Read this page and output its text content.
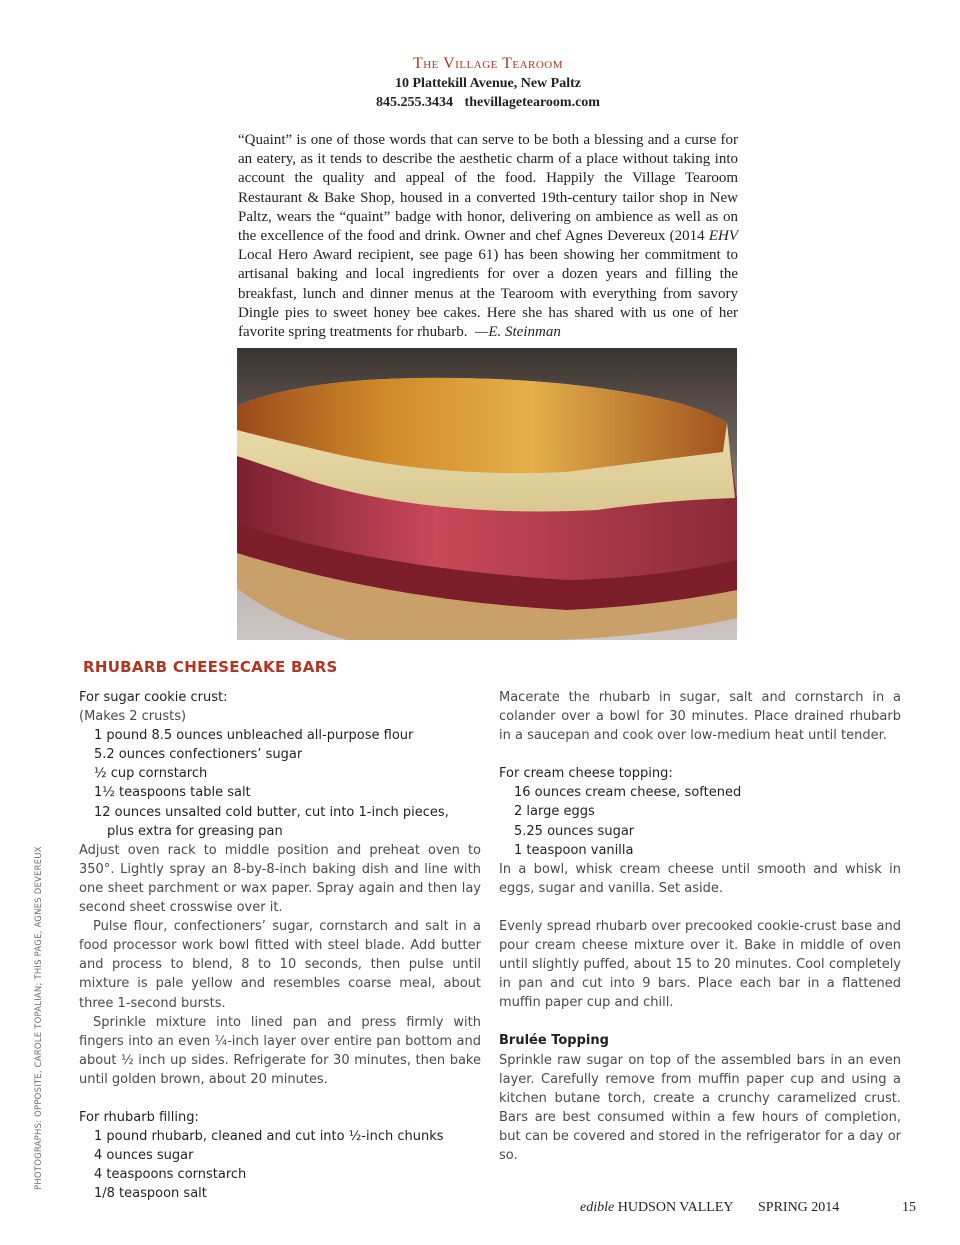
The Village Tearoom
10 Plattekill Avenue, New Paltz
845.255.3434 thevillagetearoom.com
“Quaint” is one of those words that can serve to be both a blessing and a curse for an eatery, as it tends to describe the aesthetic charm of a place without taking into account the quality and appeal of the food. Happily the Village Tearoom Restaurant & Bake Shop, housed in a converted 19th-century tailor shop in New Paltz, wears the “quaint” badge with honor, delivering on ambience as well as on the excellence of the food and drink. Owner and chef Agnes Devereux (2014 EHV Local Hero Award recipient, see page 61) has been showing her commitment to artisanal baking and local ingredients for over a dozen years and filling the breakfast, lunch and dinner menus at the Tearoom with everything from savory Dingle pies to sweet honey bee cakes. Here she has shared with us one of her favorite spring treatments for rhubarb. —E. Steinman
RHUBARB CHEESECAKE BARS
For sugar cookie crust:
(Makes 2 crusts)
1 pound 8.5 ounces unbleached all-purpose flour
5.2 ounces confectioners’ sugar
½ cup cornstarch
1½ teaspoons table salt
12 ounces unsalted cold butter, cut into 1-inch pieces,
plus extra for greasing pan

Adjust oven rack to middle position and preheat oven to 350°. Lightly spray an 8-by-8-inch baking dish and line with one sheet parchment or wax paper. Spray again and then lay second sheet crosswise over it.

Pulse flour, confectioners’ sugar, cornstarch and salt in a food processor work bowl fitted with steel blade. Add butter and process to blend, 8 to 10 seconds, then pulse until mixture is pale yellow and resembles coarse meal, about three 1-second bursts.

Sprinkle mixture into lined pan and press firmly with fingers into an even ¼-inch layer over entire pan bottom and about ½ inch up sides. Refrigerate for 30 minutes, then bake until golden brown, about 20 minutes.

For rhubarb filling:
1 pound rhubarb, cleaned and cut into ½-inch chunks
4 ounces sugar
4 teaspoons cornstarch
1/8 teaspoon salt

Macerate the rhubarb in sugar, salt and cornstarch in a colander over a bowl for 30 minutes. Place drained rhubarb in a saucepan and cook over low-medium heat until tender.

For cream cheese topping:
16 ounces cream cheese, softened
2 large eggs
5.25 ounces sugar
1 teaspoon vanilla

In a bowl, whisk cream cheese until smooth and whisk in eggs, sugar and vanilla. Set aside.

Evenly spread rhubarb over precooked cookie-crust base and pour cream cheese mixture over it. Bake in middle of oven until slightly puffed, about 15 to 20 minutes. Cool completely in pan and cut into 9 bars. Place each bar in a flattened muffin paper cup and chill.

Brulée Topping

Sprinkle raw sugar on top of the assembled bars in an even layer. Carefully remove from muffin paper cup and using a kitchen butane torch, create a crunchy caramelized crust. Bars are best consumed within a few hours of completion, but can be covered and stored in the refrigerator for a day or so.

PHOTOGRAPHS: OPPOSITE, CAROLE TOPALIAN; THIS PAGE, AGNES DEVEREUX
edible HUDSON VALLEY SPRING 2014	15
